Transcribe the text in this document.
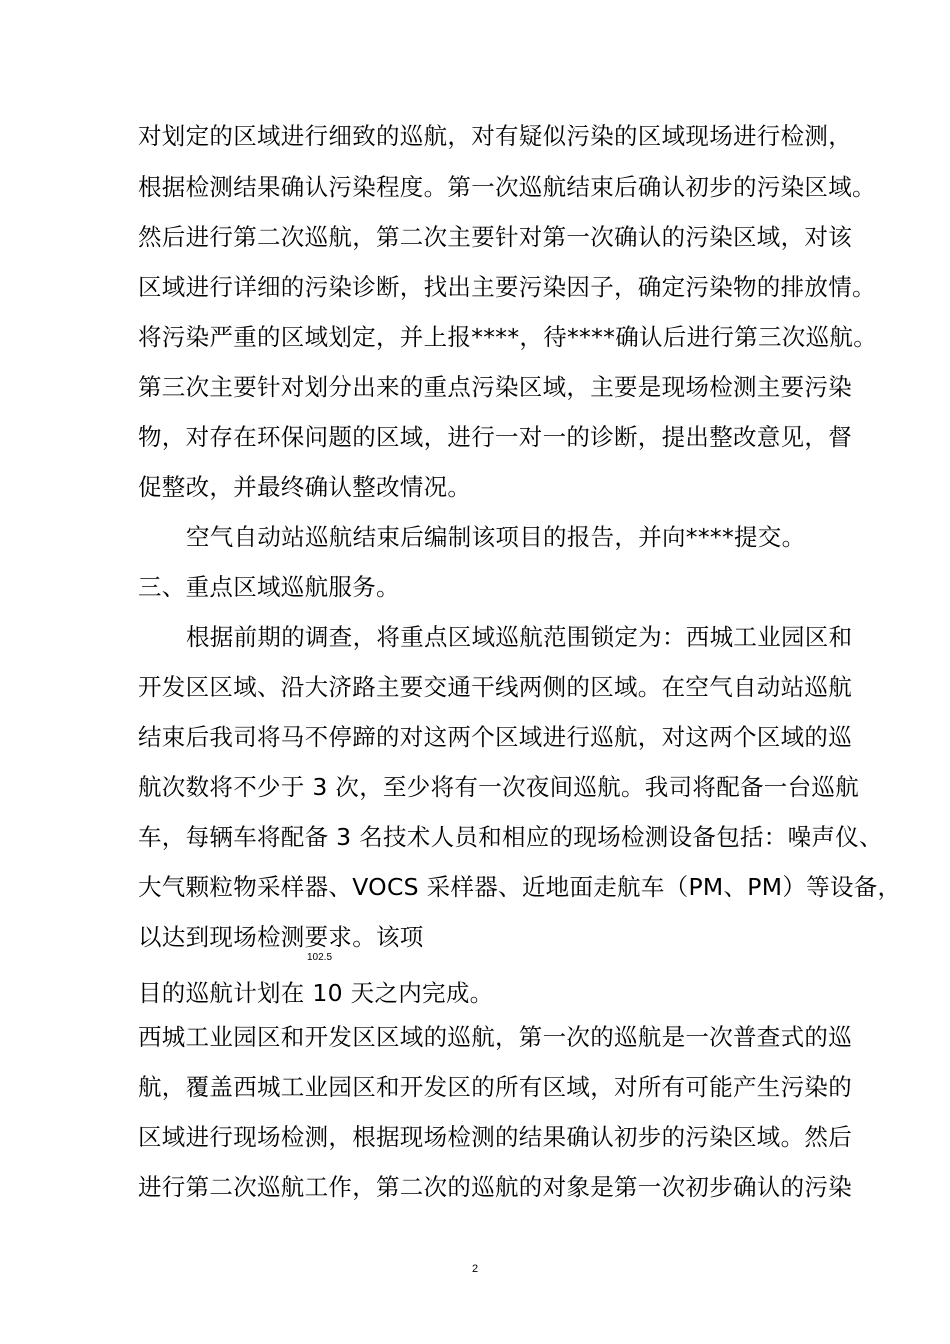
对划定的区域进行细致的巡航，对有疑似污染的区域现场进行检测，
根据检测结果确认污染程度。第一次巡航结束后确认初步的污染区域。
然后进行第二次巡航，第二次主要针对第一次确认的污染区域，对该
区域进行详细的污染诊断，找出主要污染因子，确定污染物的排放情。
将污染严重的区域划定，并上报****，待****确认后进行第三次巡航。
第三次主要针对划分出来的重点污染区域，主要是现场检测主要污染
物，对存在环保问题的区域，进行一对一的诊断，提出整改意见，督
促整改，并最终确认整改情况。
空气自动站巡航结束后编制该项目的报告，并向****提交。
三、重点区域巡航服务。
根据前期的调查，将重点区域巡航范围锁定为：西城工业园区和
开发区区域、沿大济路主要交通干线两侧的区域。在空气自动站巡航
结束后我司将马不停蹄的对这两个区域进行巡航，对这两个区域的巡
航次数将不少于 3 次，至少将有一次夜间巡航。我司将配备一台巡航
车，每辆车将配备 3 名技术人员和相应的现场检测设备包括：噪声仪、
大气颗粒物采样器、VOCS 采样器、近地面走航车（PM、PM）等设备，
以达到现场检测要求。该项
102.5
目的巡航计划在 10 天之内完成。
西城工业园区和开发区区域的巡航，第一次的巡航是一次普查式的巡
航，覆盖西城工业园区和开发区的所有区域，对所有可能产生污染的
区域进行现场检测，根据现场检测的结果确认初步的污染区域。然后
进行第二次巡航工作，第二次的巡航的对象是第一次初步确认的污染
2
